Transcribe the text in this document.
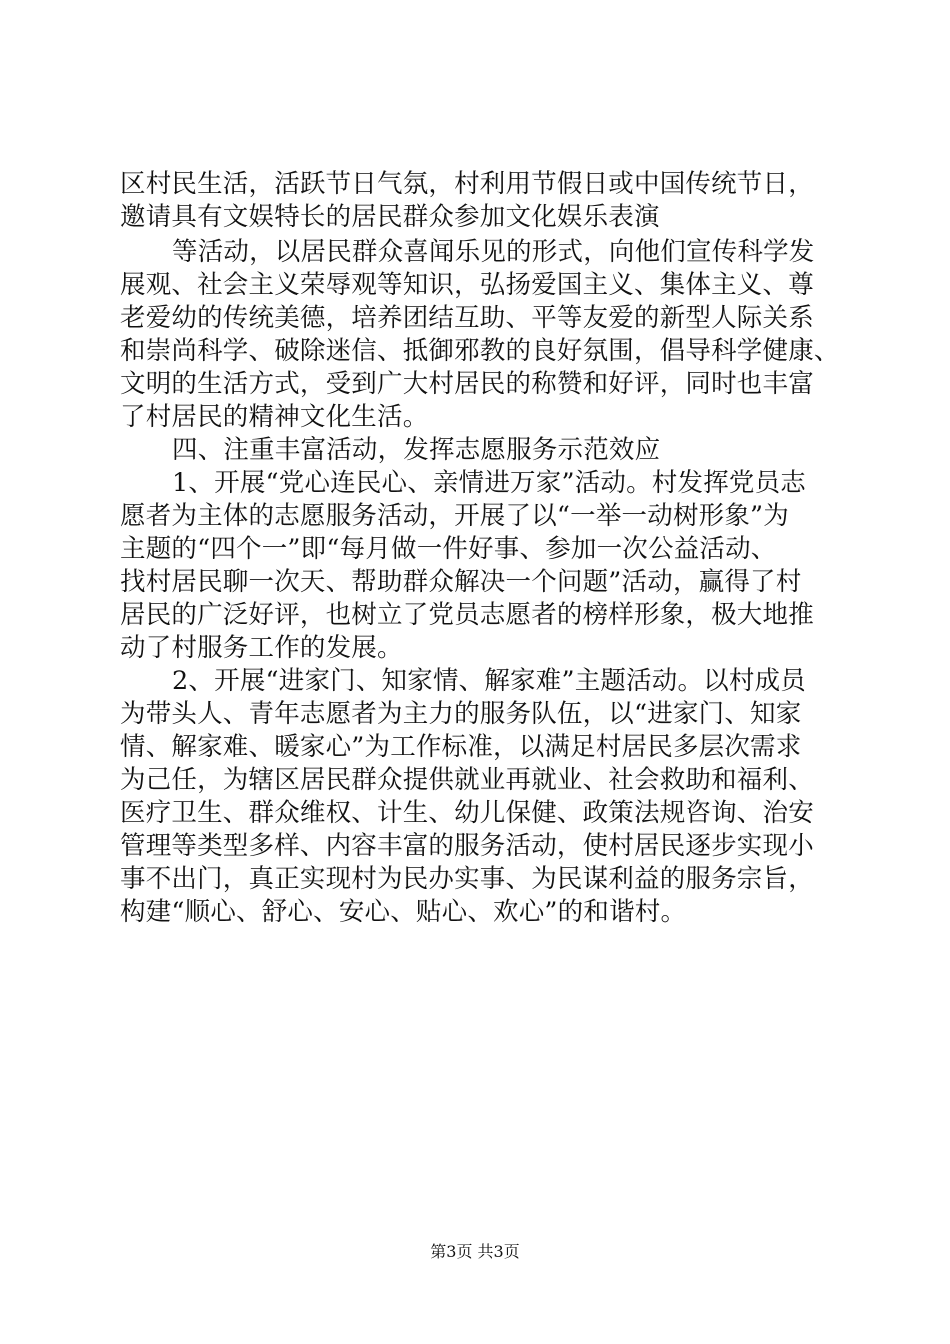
区村民生活，活跃节日气氛，村利用节假日或中国传统节日，
邀请具有文娱特长的居民群众参加文化娱乐表演
等活动，以居民群众喜闻乐见的形式，向他们宣传科学发
展观、社会主义荣辱观等知识，弘扬爱国主义、集体主义、尊
老爱幼的传统美德，培养团结互助、平等友爱的新型人际关系
和崇尚科学、破除迷信、抵御邪教的良好氛围，倡导科学健康、
文明的生活方式，受到广大村居民的称赞和好评，同时也丰富
了村居民的精神文化生活。
四、注重丰富活动，发挥志愿服务示范效应
1、开展“党心连民心、亲情进万家”活动。村发挥党员志
愿者为主体的志愿服务活动，开展了以“一举一动树形象”为
主题的“四个一”即“每月做一件好事、参加一次公益活动、
找村居民聊一次天、帮助群众解决一个问题”活动，赢得了村
居民的广泛好评，也树立了党员志愿者的榜样形象，极大地推
动了村服务工作的发展。
2、开展“进家门、知家情、解家难”主题活动。以村成员
为带头人、青年志愿者为主力的服务队伍，以“进家门、知家
情、解家难、暖家心”为工作标准，以满足村居民多层次需求
为己任，为辖区居民群众提供就业再就业、社会救助和福利、
医疗卫生、群众维权、计生、幼儿保健、政策法规咨询、治安
管理等类型多样、内容丰富的服务活动，使村居民逐步实现小
事不出门，真正实现村为民办实事、为民谋利益的服务宗旨，
构建“顺心、舒心、安心、贴心、欢心”的和谐村。
第3页 共3页
